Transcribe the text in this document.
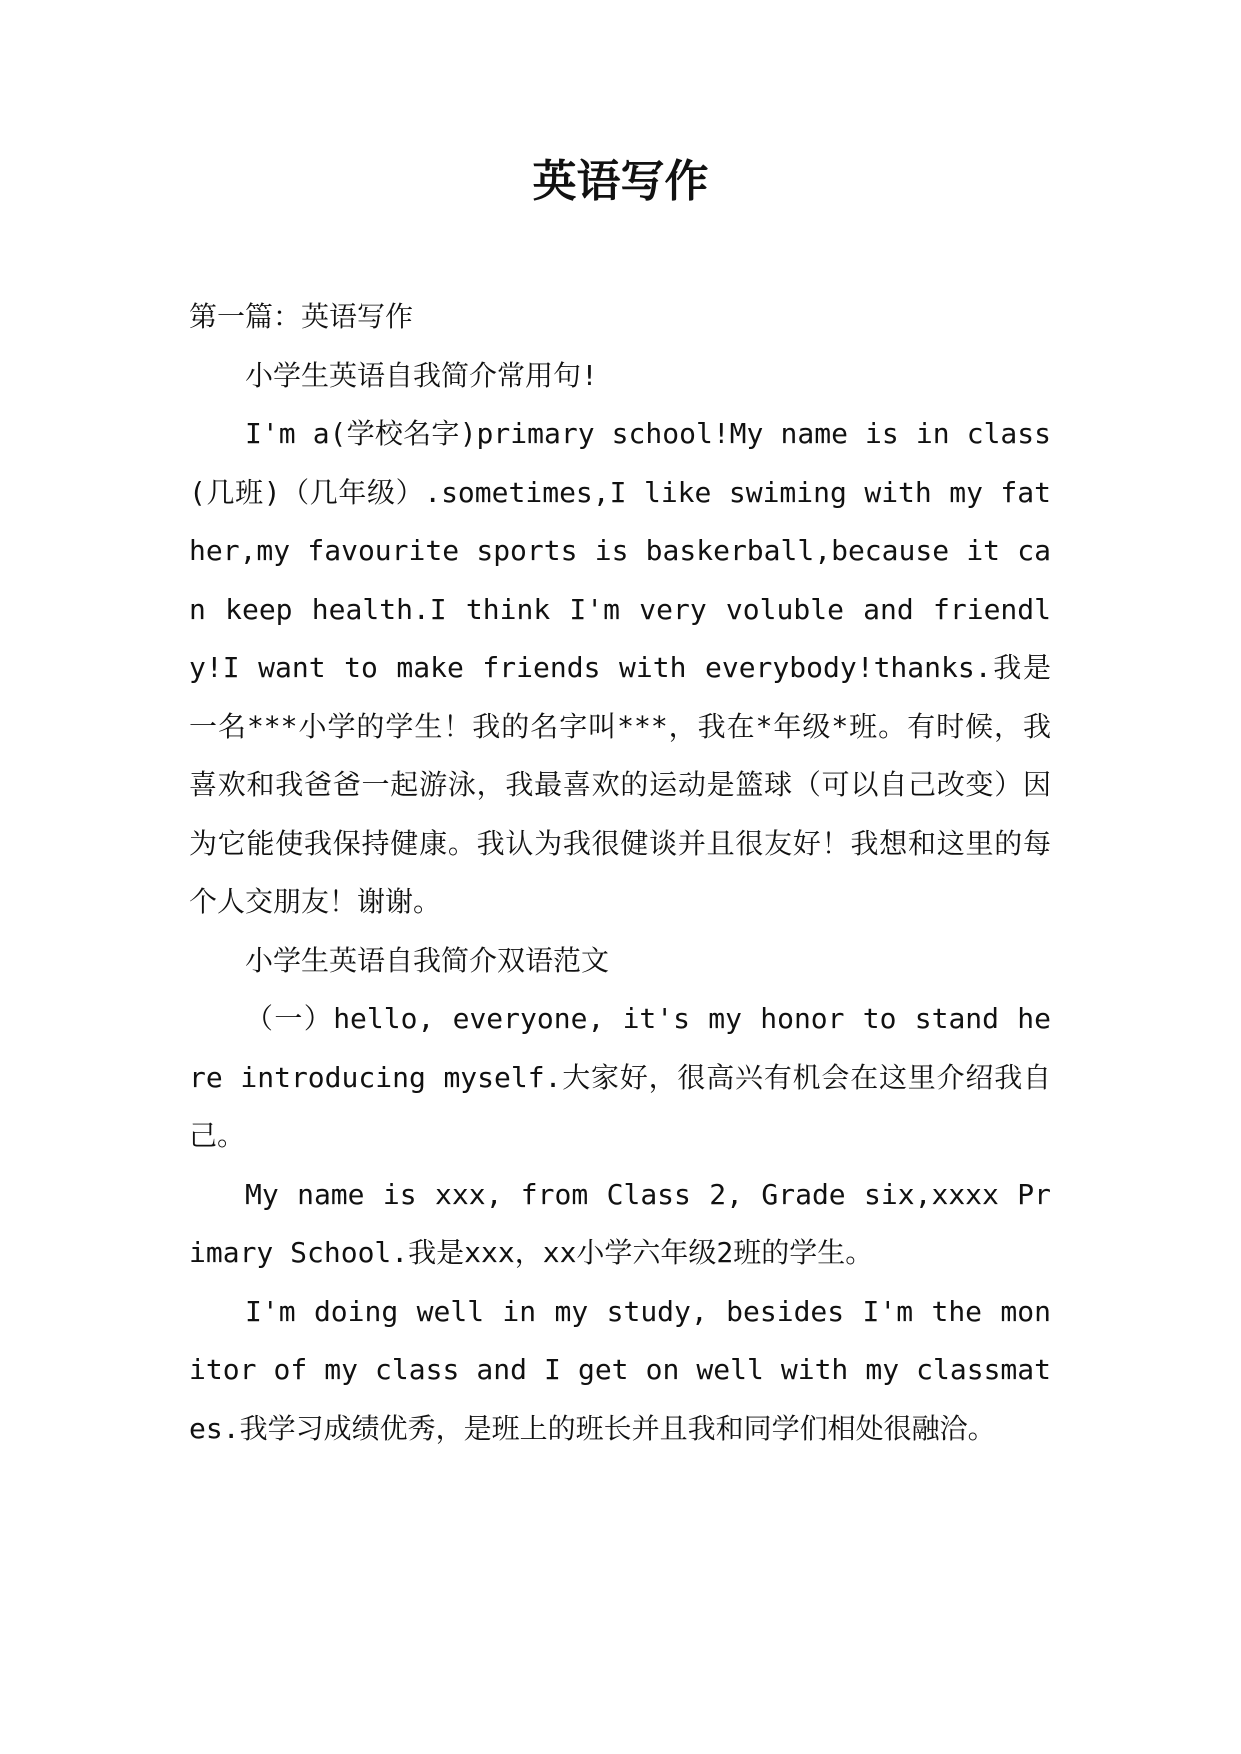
英语写作

第一篇：英语写作

小学生英语自我简介常用句!

I'm a(学校名字)primary school!My name is in class(几班)（几年级）.sometimes,I like swiming with my father,my favourite sports is baskerball,because it can keep health.I think I'm very voluble and friendly!I want to make friends with everybody!thanks.我是一名***小学的学生！我的名字叫***，我在*年级*班。有时候，我喜欢和我爸爸一起游泳，我最喜欢的运动是篮球（可以自己改变）因为它能使我保持健康。我认为我很健谈并且很友好！我想和这里的每个人交朋友！谢谢。

小学生英语自我简介双语范文

（一）hello, everyone, it's my honor to stand here introducing myself.大家好，很高兴有机会在这里介绍我自己。

My name is xxx, from Class 2, Grade six,xxxx Primary School.我是xxx，xx小学六年级2班的学生。

I'm doing well in my study, besides I'm the monitor of my class and I get on well with my classmates.我学习成绩优秀，是班上的班长并且我和同学们相处很融洽。
